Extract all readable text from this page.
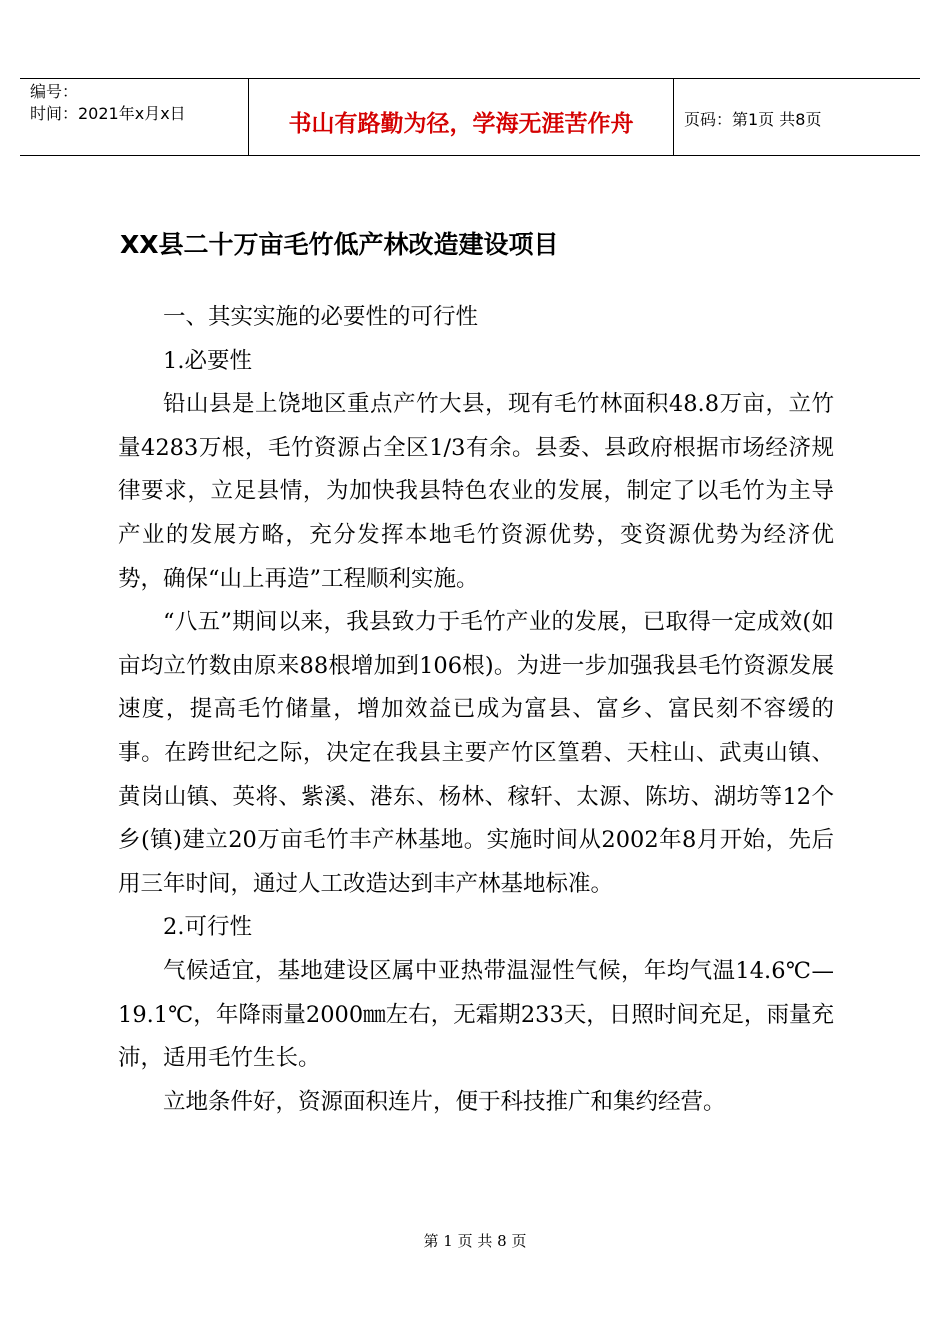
编号：
时间：2021年x月x日	书山有路勤为径，学海无涯苦作舟	页码：第1页 共8页
XX县二十万亩毛竹低产林改造建设项目

一、其实实施的必要性的可行性

1.必要性

铅山县是上饶地区重点产竹大县，现有毛竹林面积48.8万亩，立竹量4283万根，毛竹资源占全区1/3有余。县委、县政府根据市场经济规律要求，立足县情，为加快我县特色农业的发展，制定了以毛竹为主导产业的发展方略，充分发挥本地毛竹资源优势，变资源优势为经济优势，确保“山上再造”工程顺利实施。

“八五”期间以来，我县致力于毛竹产业的发展，已取得一定成效(如亩均立竹数由原来88根增加到106根)。为进一步加强我县毛竹资源发展速度，提高毛竹储量，增加效益已成为富县、富乡、富民刻不容缓的事。在跨世纪之际，决定在我县主要产竹区篁碧、天柱山、武夷山镇、黄岗山镇、英将、紫溪、港东、杨林、稼轩、太源、陈坊、湖坊等12个乡(镇)建立20万亩毛竹丰产林基地。实施时间从2002年8月开始，先后用三年时间，通过人工改造达到丰产林基地标准。

2.可行性

气候适宜，基地建设区属中亚热带温湿性气候，年均气温14.6℃—19.1℃，年降雨量2000㎜左右，无霜期233天，日照时间充足，雨量充沛，适用毛竹生长。

立地条件好，资源面积连片，便于科技推广和集约经营。

第 1 页 共 8 页
